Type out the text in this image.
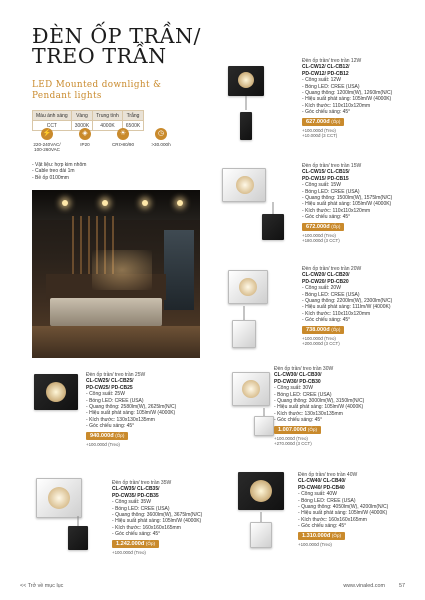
ĐÈN ỐP TRẦN/
TREO TRẦN
LED Mounted downlight &
Pendant lights
Màu ánh sáng	Vàng	Trung tính	Trắng
CCT	3000K	4000K	6500K
⚡
220-240VAC/
100-260VAC
◈
IP20
☀
CRI>80/90
◷
>30.000h
- Vật liệu: hợp kim nhôm
- Cable treo dài 1m
- Bề ốp 0100mm
Đèn ốp trần/ treo trần 12W
CL-CW12/ CL-CB12/
PD-CW12/ PD-CB12
- Công suất: 12W
- Bóng LED: CREE (USA)
- Quang thông: 1200lm(W), 1260lm(N/C)
- Hiệu suất phát sáng: 105lm/W (4000K)
- Kích thước: 110x110x120mm
- Góc chiếu sáng: 45°
627.000đ (Ốp)
+100.000đ (Treo)
+10.000đ (3 CCT)
Đèn ốp trần/ treo trần 15W
CL-CW15/ CL-CB15/
PD-CW15/ PD-CB15
- Công suất: 15W
- Bóng LED: CREE (USA)
- Quang thông: 1500lm(W), 1575lm(N/C)
- Hiệu suất phát sáng: 105lm/W (4000K)
- Kích thước: 110x110x120mm
- Góc chiếu sáng: 45°
672.000đ (Ốp)
+100.000đ (Treo)
+180.000đ (3 CCT)
Đèn ốp trần/ treo trần 20W
CL-CW20/ CL-CB20/
PD-CW20/ PD-CB20
- Công suất: 20W
- Bóng LED: CREE (USA)
- Quang thông: 2200lm(W), 2300lm(N/C)
- Hiệu suất phát sáng: 111lm/W (4000K)
- Kích thước: 110x110x120mm
- Góc chiếu sáng: 45°
738.000đ (Ốp)
+100.000đ (Treo)
+200.000đ (3 CCT)
Đèn ốp trần/ treo trần 25W
CL-CW25/ CL-CB25/
PD-CW25/ PD-CB25
- Công suất: 25W
- Bóng LED: CREE (USA)
- Quang thông: 2580lm(W), 2625lm(N/C)
- Hiệu suất phát sáng: 105lm/W (4000K)
- Kích thước: 130x130x135mm
- Góc chiếu sáng: 45°
940.000đ (Ốp)
+100.000đ (Treo)
Đèn ốp trần/ treo trần 30W
CL-CW30/ CL-CB30/
PD-CW30/ PD-CB30
- Công suất: 30W
- Bóng LED: CREE (USA)
- Quang thông: 3000lm(W), 3150lm(N/C)
- Hiệu suất phát sáng: 105lm/W (4000K)
- Kích thước: 130x130x135mm
- Góc chiếu sáng: 45°
1.007.000đ (Ốp)
+100.000đ (Treo)
+270.000đ (3 CCT)
Đèn ốp trần/ treo trần 35W
CL-CW35/ CL-CB35/
PD-CW35/ PD-CB35
- Công suất: 35W
- Bóng LED: CREE (USA)
- Quang thông: 3600lm(W), 3675lm(N/C)
- Hiệu suất phát sáng: 105lm/W (4000K)
- Kích thước: 160x160x165mm
- Góc chiếu sáng: 45°
1.242.000đ (Ốp)
+100.000đ (Treo)
Đèn ốp trần/ treo trần 40W
CL-CW40/ CL-CB40/
PD-CW40/ PD-CB40
- Công suất: 40W
- Bóng LED: CREE (USA)
- Quang thông: 4050lm(W), 4200lm(N/C)
- Hiệu suất phát sáng: 105lm/W (4000K)
- Kích thước: 160x160x165mm
- Góc chiếu sáng: 45°
1.310.000đ (Ốp)
+100.000đ (Treo)
<< Trở về mục lục	www.vinaled.com	57
